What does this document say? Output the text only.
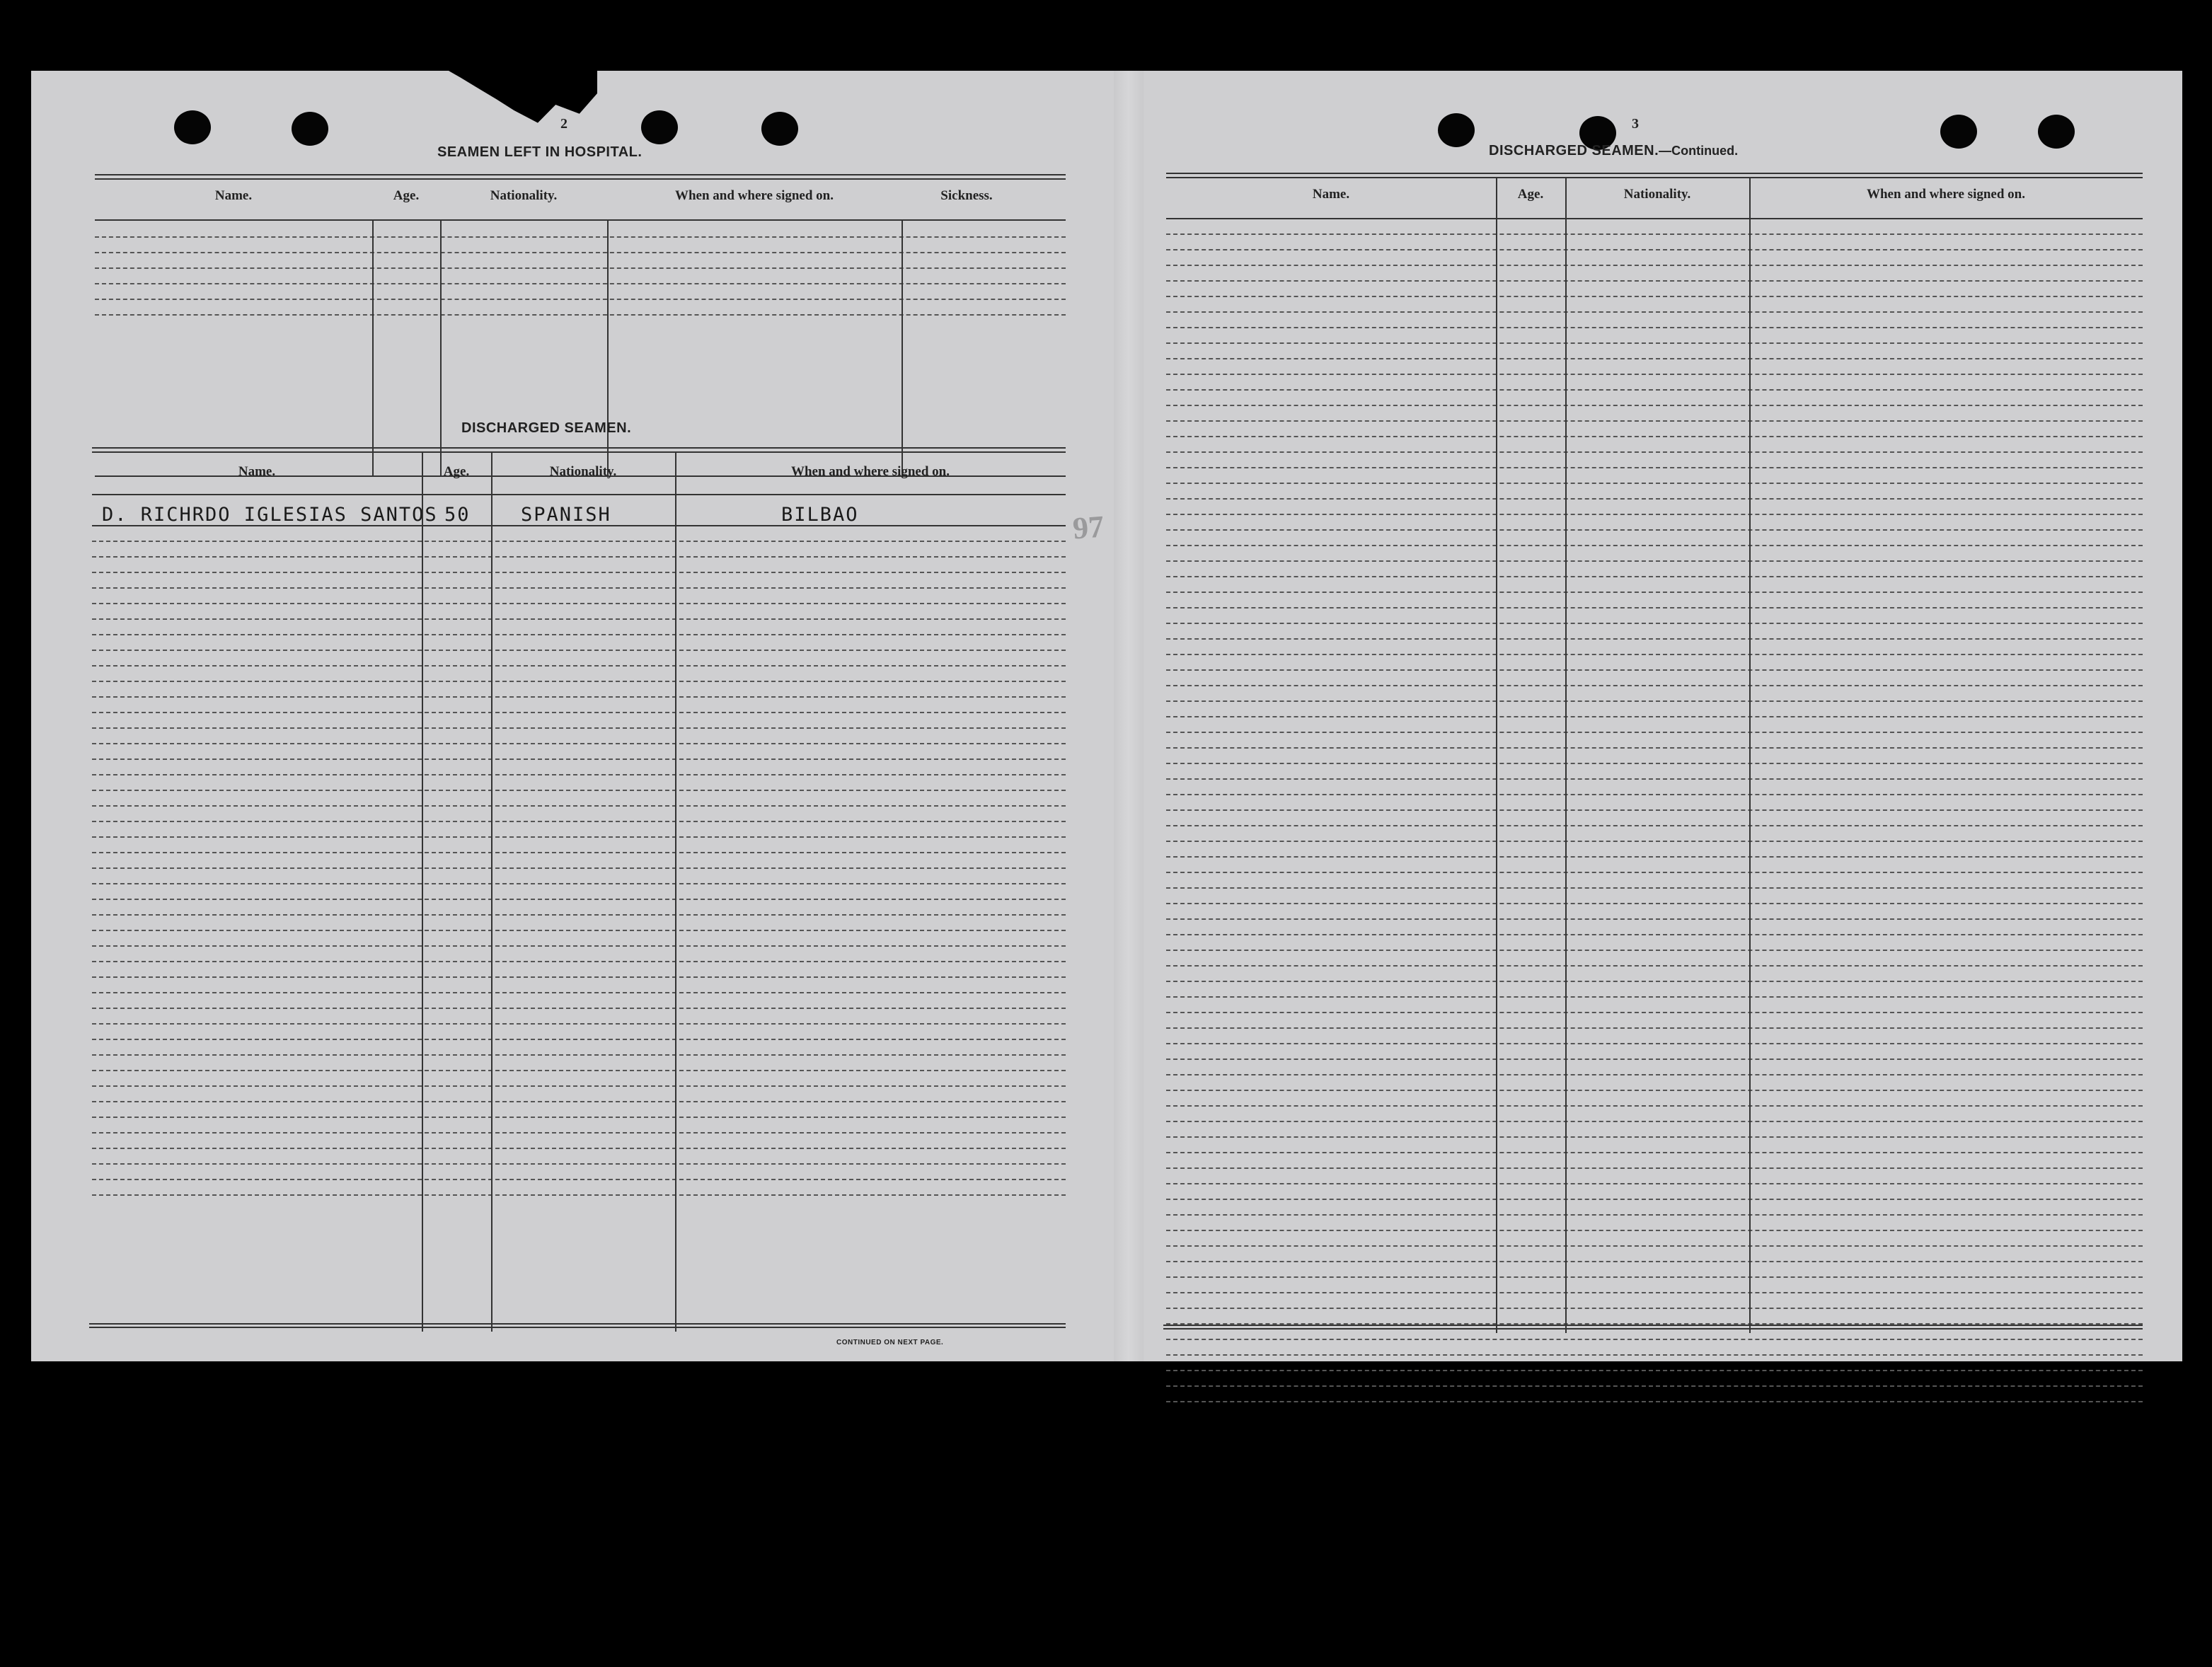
2
SEAMEN LEFT IN HOSPITAL.
Name.	Age.	Nationality.	When and where signed on.	Sickness.
DISCHARGED SEAMEN.
Name.	Age.	Nationality.	When and where signed on.
D. RICHRDO IGLESIAS SANTOS 50	SPANISH	BILBAO
CONTINUED ON NEXT PAGE.
97
3
DISCHARGED SEAMEN.—Continued.
Name.	Age.	Nationality.	When and where signed on.
